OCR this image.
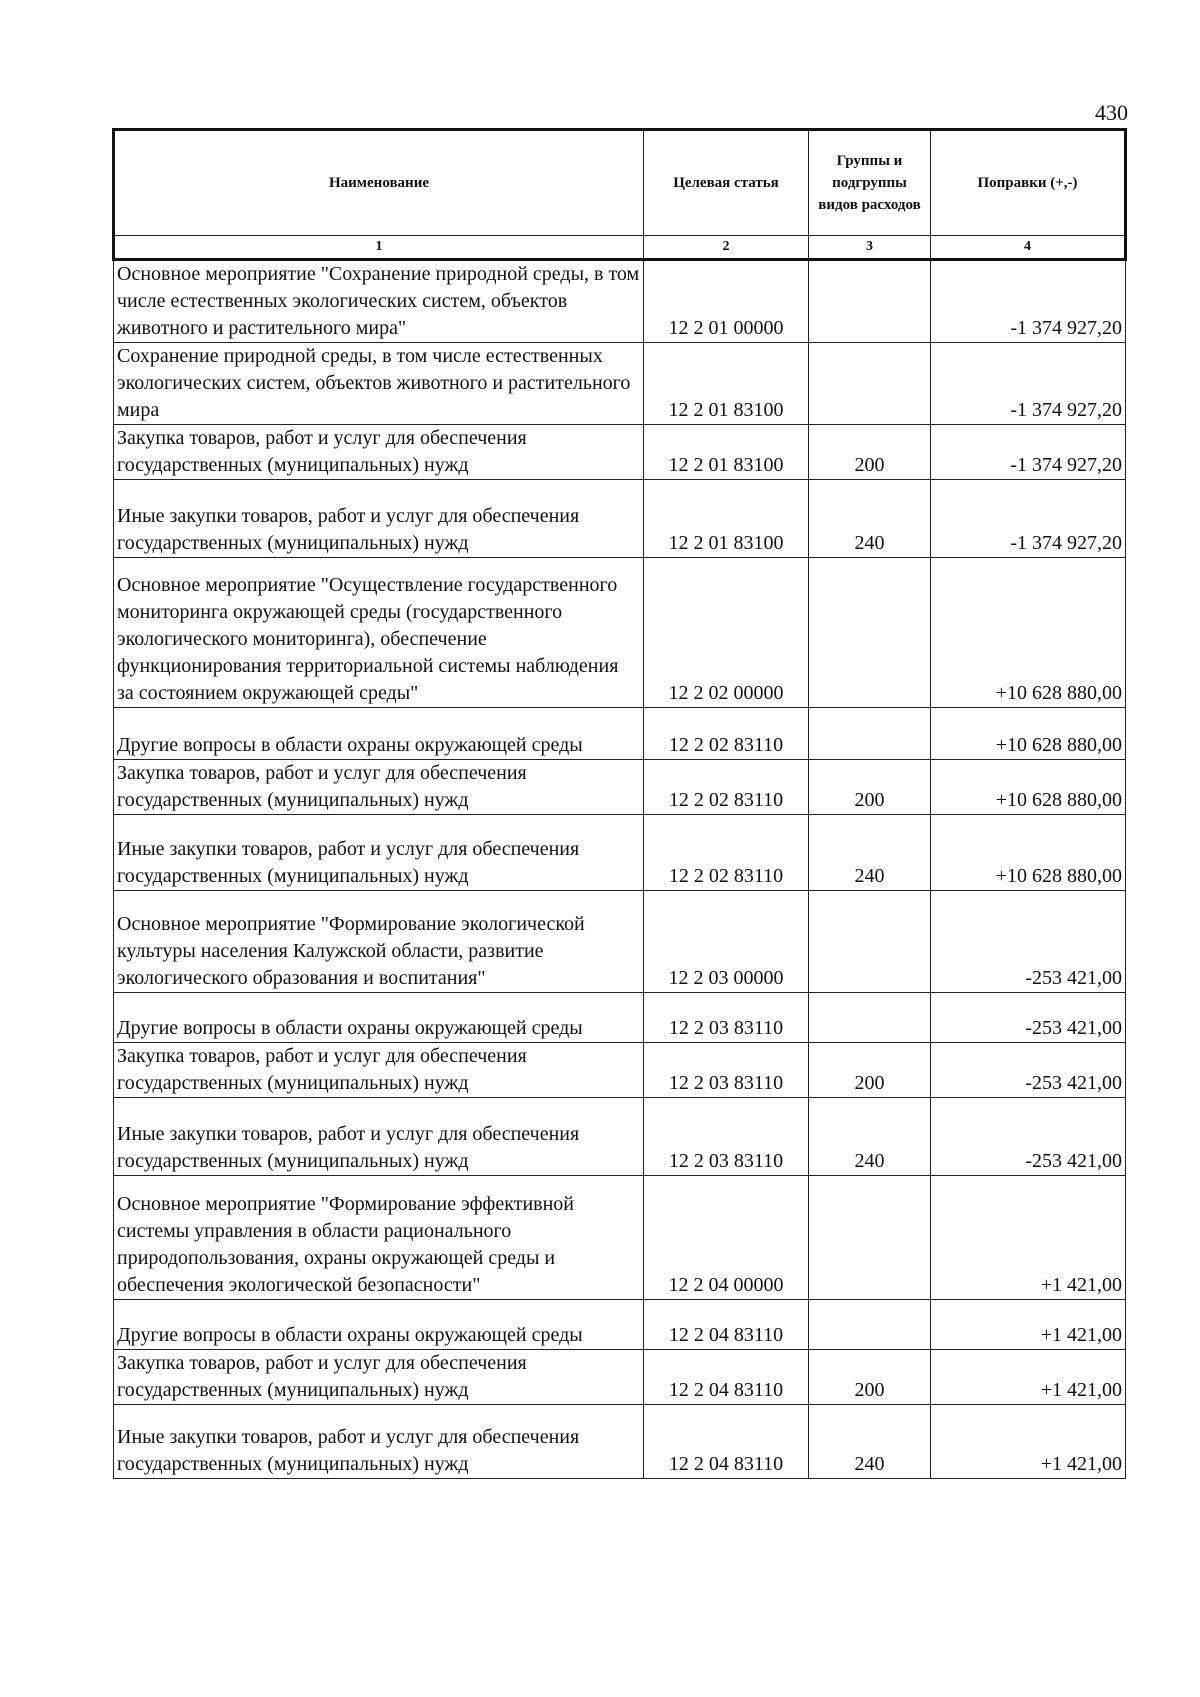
430
Наименование	Целевая статья	Группы и подгруппы видов расходов	Поправки (+,-)
1	2	3	4
Основное мероприятие "Сохранение природной среды, в том числе естественных экологических систем, объектов животного и растительного мира"	12 2 01 00000		-1 374 927,20
Сохранение природной среды, в том числе естественных экологических систем, объектов животного и растительного мира	12 2 01 83100		-1 374 927,20
Закупка товаров, работ и услуг для обеспечения государственных (муниципальных) нужд	12 2 01 83100	200	-1 374 927,20
Иные закупки товаров, работ и услуг для обеспечения государственных (муниципальных) нужд	12 2 01 83100	240	-1 374 927,20
Основное мероприятие "Осуществление государственного мониторинга окружающей среды (государственного экологического мониторинга), обеспечение функционирования территориальной системы наблюдения за состоянием окружающей среды"	12 2 02 00000		+10 628 880,00
Другие вопросы в области охраны окружающей среды	12 2 02 83110		+10 628 880,00
Закупка товаров, работ и услуг для обеспечения государственных (муниципальных) нужд	12 2 02 83110	200	+10 628 880,00
Иные закупки товаров, работ и услуг для обеспечения государственных (муниципальных) нужд	12 2 02 83110	240	+10 628 880,00
Основное мероприятие "Формирование экологической культуры населения Калужской области, развитие экологического образования и воспитания"	12 2 03 00000		-253 421,00
Другие вопросы в области охраны окружающей среды	12 2 03 83110		-253 421,00
Закупка товаров, работ и услуг для обеспечения государственных (муниципальных) нужд	12 2 03 83110	200	-253 421,00
Иные закупки товаров, работ и услуг для обеспечения государственных (муниципальных) нужд	12 2 03 83110	240	-253 421,00
Основное мероприятие "Формирование эффективной системы управления в области рационального природопользования, охраны окружающей среды и обеспечения экологической безопасности"	12 2 04 00000		+1 421,00
Другие вопросы в области охраны окружающей среды	12 2 04 83110		+1 421,00
Закупка товаров, работ и услуг для обеспечения государственных (муниципальных) нужд	12 2 04 83110	200	+1 421,00
Иные закупки товаров, работ и услуг для обеспечения государственных (муниципальных) нужд	12 2 04 83110	240	+1 421,00
